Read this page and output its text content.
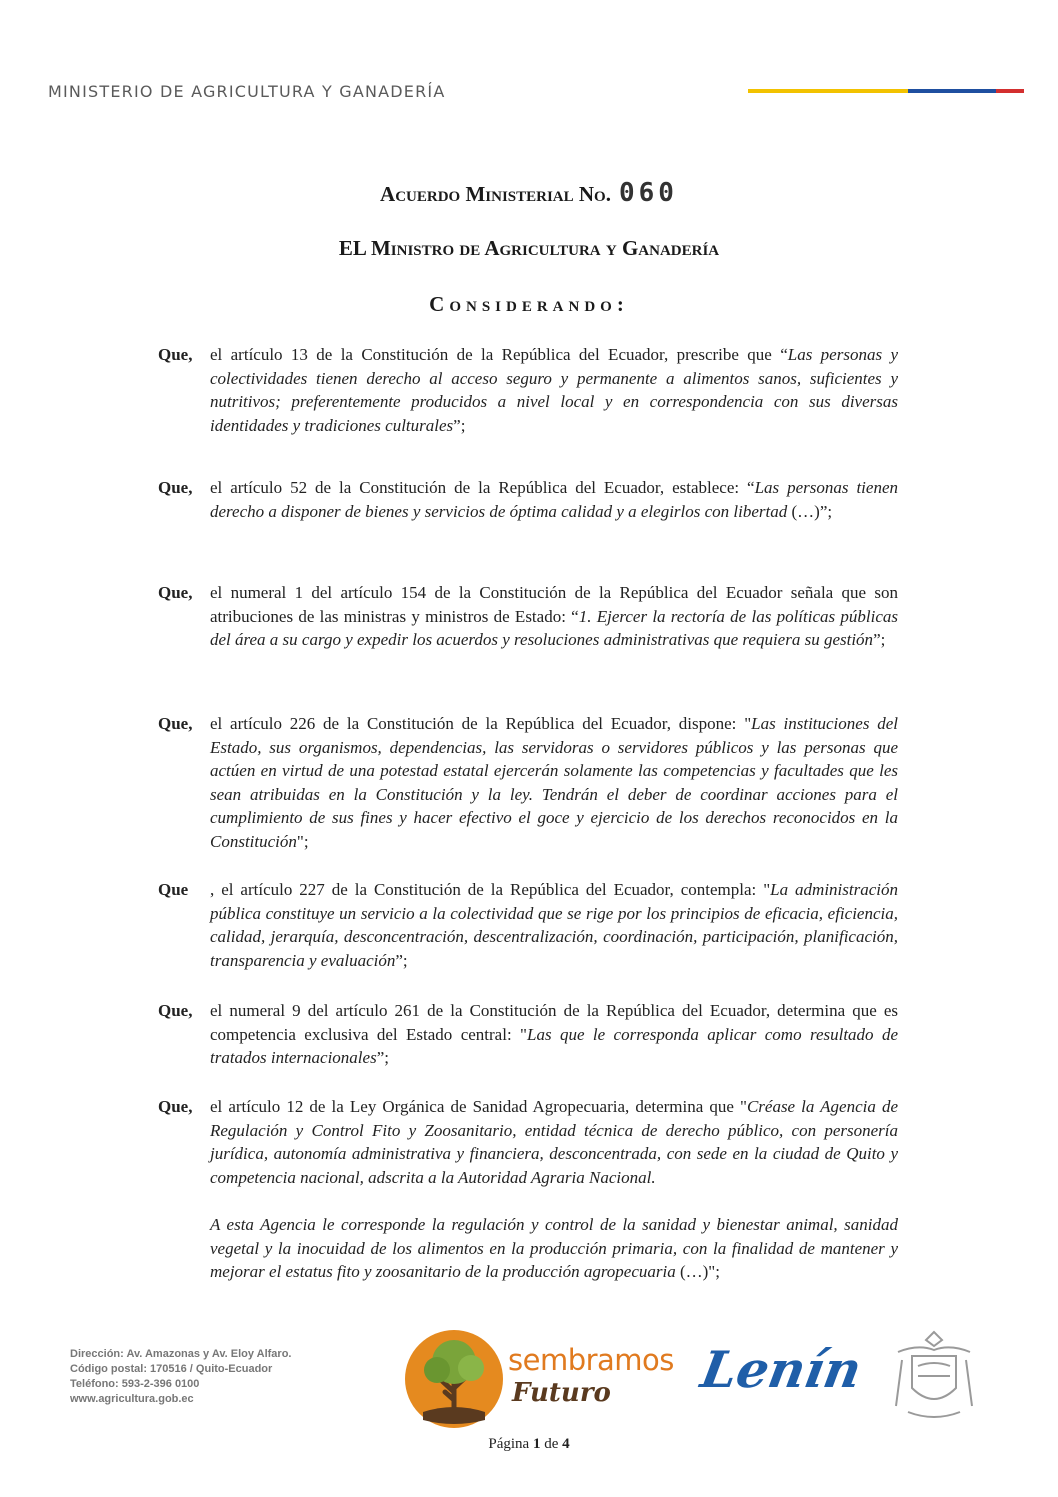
MINISTERIO DE AGRICULTURA Y GANADERÍA
Acuerdo Ministerial No. 060
EL Ministro de Agricultura y Ganadería
Considerando:
Que, el artículo 13 de la Constitución de la República del Ecuador, prescribe que “Las personas y colectividades tienen derecho al acceso seguro y permanente a alimentos sanos, suficientes y nutritivos; preferentemente producidos a nivel local y en correspondencia con sus diversas identidades y tradiciones culturales”;
Que, el artículo 52 de la Constitución de la República del Ecuador, establece: “Las personas tienen derecho a disponer de bienes y servicios de óptima calidad y a elegirlos con libertad (…)”;
Que, el numeral 1 del artículo 154 de la Constitución de la República del Ecuador señala que son atribuciones de las ministras y ministros de Estado: “1. Ejercer la rectoría de las políticas públicas del área a su cargo y expedir los acuerdos y resoluciones administrativas que requiera su gestión”;
Que, el artículo 226 de la Constitución de la República del Ecuador, dispone: "Las instituciones del Estado, sus organismos, dependencias, las servidoras o servidores públicos y las personas que actúen en virtud de una potestad estatal ejercerán solamente las competencias y facultades que les sean atribuidas en la Constitución y la ley. Tendrán el deber de coordinar acciones para el cumplimiento de sus fines y hacer efectivo el goce y ejercicio de los derechos reconocidos en la Constitución";
Que , el artículo 227 de la Constitución de la República del Ecuador, contempla: "La administración pública constituye un servicio a la colectividad que se rige por los principios de eficacia, eficiencia, calidad, jerarquía, desconcentración, descentralización, coordinación, participación, planificación, transparencia y evaluación”;
Que, el numeral 9 del artículo 261 de la Constitución de la República del Ecuador, determina que es competencia exclusiva del Estado central: "Las que le corresponda aplicar como resultado de tratados internacionales”;
Que, el artículo 12 de la Ley Orgánica de Sanidad Agropecuaria, determina que "Créase la Agencia de Regulación y Control Fito y Zoosanitario, entidad técnica de derecho público, con personería jurídica, autonomía administrativa y financiera, desconcentrada, con sede en la ciudad de Quito y competencia nacional, adscrita a la Autoridad Agraria Nacional.
A esta Agencia le corresponde la regulación y control de la sanidad y bienestar animal, sanidad vegetal y la inocuidad de los alimentos en la producción primaria, con la finalidad de mantener y mejorar el estatus fito y zoosanitario de la producción agropecuaria (…)";
Dirección: Av. Amazonas y Av. Eloy Alfaro.
Código postal: 170516 / Quito-Ecuador
Teléfono: 593-2-396 0100
www.agricultura.gob.ec
sembramos
Futuro Lenín
Página 1 de 4
